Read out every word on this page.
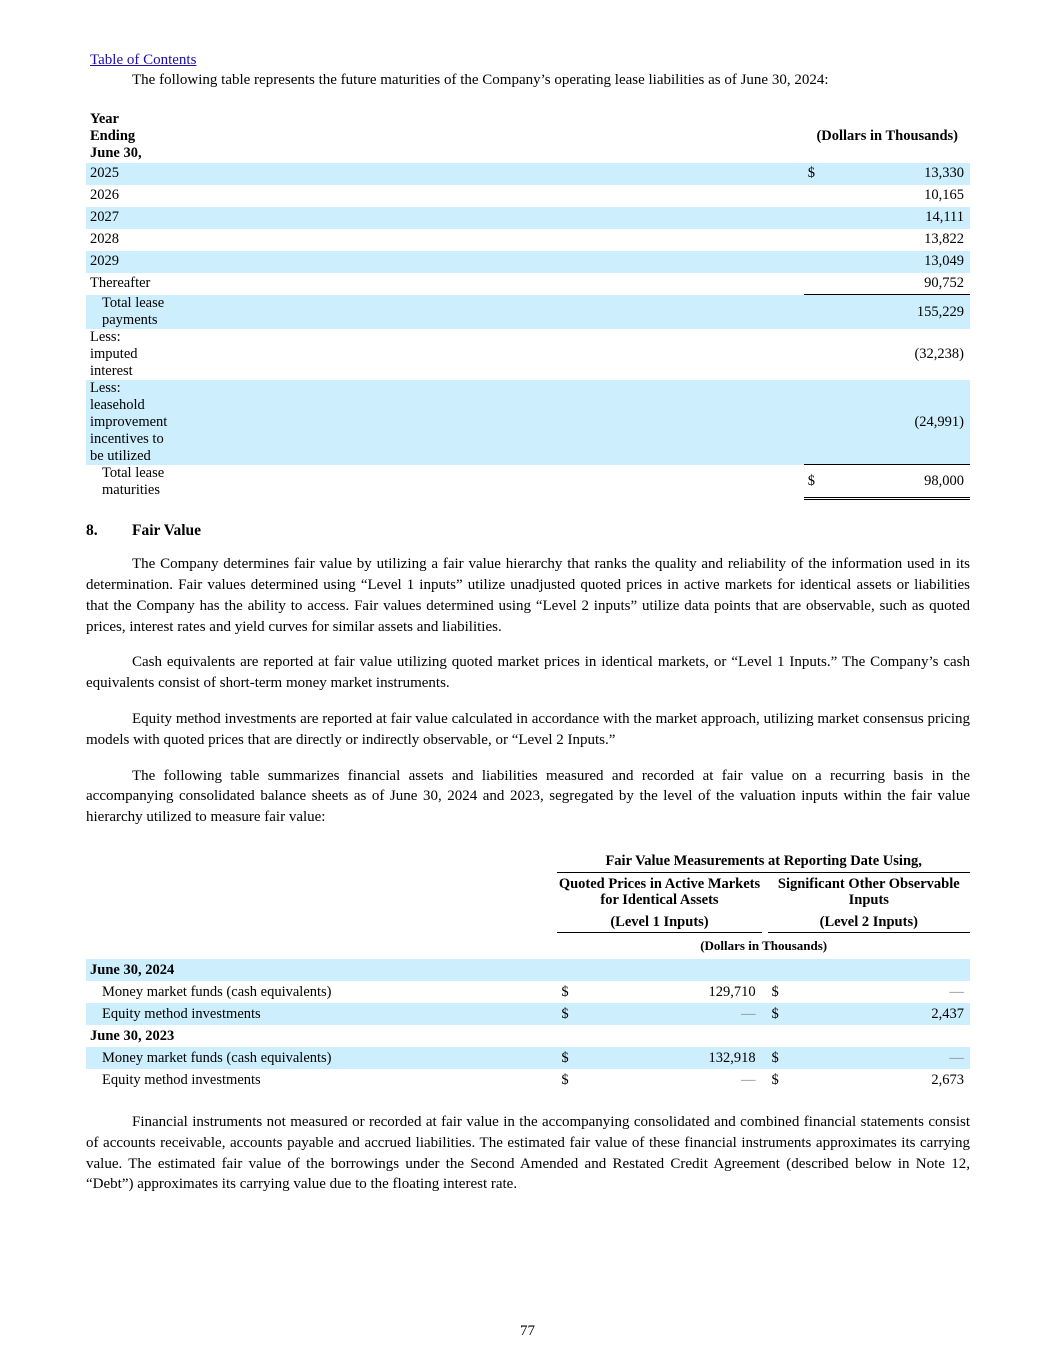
Table of Contents

The following table represents the future maturities of the Company’s operating lease liabilities as of June 30, 2024:

Year Ending June 30,		(Dollars in Thousands)	
2025		$	13,330
2026			10,165
2027			14,111
2028			13,822
2029			13,049
Thereafter			90,752
Total lease payments			155,229
Less: imputed interest			(32,238)
Less: leasehold improvement incentives to be utilized			(24,991)
Total lease maturities		$	98,000
8. Fair Value

The Company determines fair value by utilizing a fair value hierarchy that ranks the quality and reliability of the information used in its determination. Fair values determined using “Level 1 inputs” utilize unadjusted quoted prices in active markets for identical assets or liabilities that the Company has the ability to access. Fair values determined using “Level 2 inputs” utilize data points that are observable, such as quoted prices, interest rates and yield curves for similar assets and liabilities.

Cash equivalents are reported at fair value utilizing quoted market prices in identical markets, or “Level 1 Inputs.” The Company’s cash equivalents consist of short-term money market instruments.

Equity method investments are reported at fair value calculated in accordance with the market approach, utilizing market consensus pricing models with quoted prices that are directly or indirectly observable, or “Level 2 Inputs.”

The following table summarizes financial assets and liabilities measured and recorded at fair value on a recurring basis in the accompanying consolidated balance sheets as of June 30, 2024 and 2023, segregated by the level of the valuation inputs within the fair value hierarchy utilized to measure fair value:

	Fair Value Measurements at Reporting Date Using,				
	Quoted Prices in Active Markets for Identical Assets			Significant Other Observable Inputs	
	(Level 1 Inputs)			(Level 2 Inputs)	
	(Dollars in Thousands)				
June 30, 2024					
Money market funds (cash equivalents)	$	129,710		$	—
Equity method investments	$	—		$	2,437
June 30, 2023					
Money market funds (cash equivalents)	$	132,918		$	—
Equity method investments	$	—		$	2,673

Financial instruments not measured or recorded at fair value in the accompanying consolidated and combined financial statements consist of accounts receivable, accounts payable and accrued liabilities. The estimated fair value of these financial instruments approximates its carrying value. The estimated fair value of the borrowings under the Second Amended and Restated Credit Agreement (described below in Note 12, “Debt”) approximates its carrying value due to the floating interest rate.

77
